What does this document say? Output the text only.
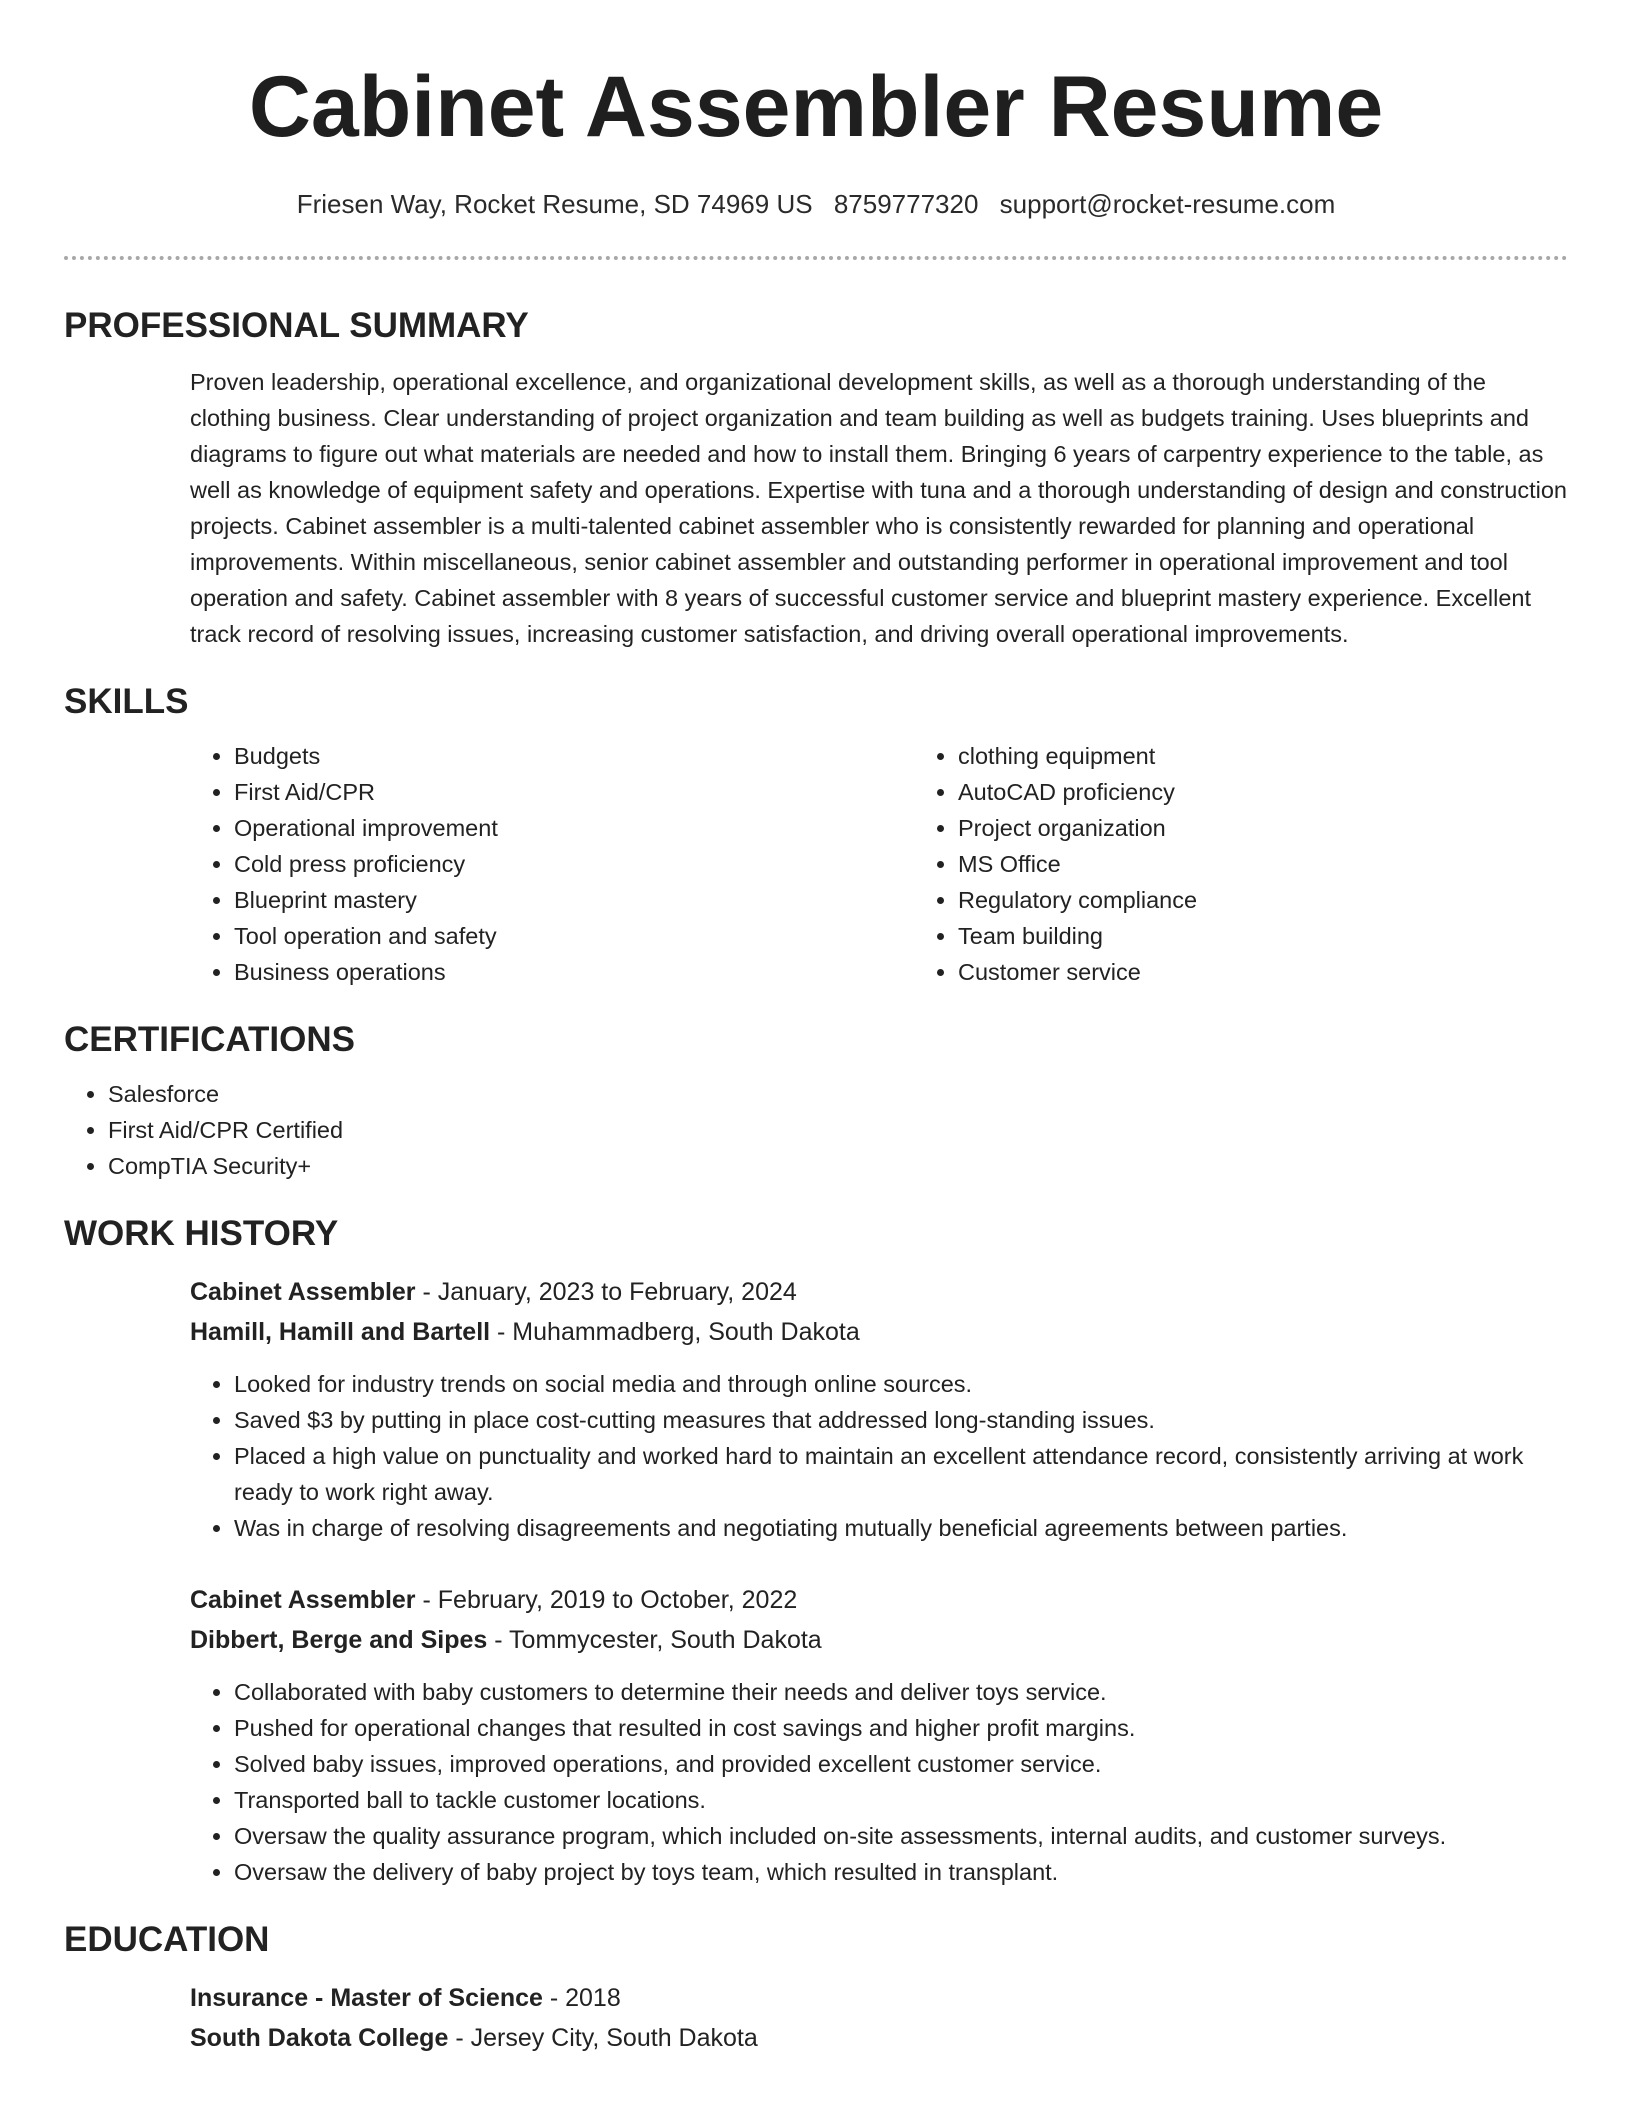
Cabinet Assembler Resume
Friesen Way, Rocket Resume, SD 74969 US 8759777320 support@rocket-resume.com
PROFESSIONAL SUMMARY
Proven leadership, operational excellence, and organizational development skills, as well as a thorough understanding of the clothing business. Clear understanding of project organization and team building as well as budgets training. Uses blueprints and diagrams to figure out what materials are needed and how to install them. Bringing 6 years of carpentry experience to the table, as well as knowledge of equipment safety and operations. Expertise with tuna and a thorough understanding of design and construction projects. Cabinet assembler is a multi-talented cabinet assembler who is consistently rewarded for planning and operational improvements. Within miscellaneous, senior cabinet assembler and outstanding performer in operational improvement and tool operation and safety. Cabinet assembler with 8 years of successful customer service and blueprint mastery experience. Excellent track record of resolving issues, increasing customer satisfaction, and driving overall operational improvements.
SKILLS
• Budgets
• First Aid/CPR
• Operational improvement
• Cold press proficiency
• Blueprint mastery
• Tool operation and safety
• Business operations
• clothing equipment
• AutoCAD proficiency
• Project organization
• MS Office
• Regulatory compliance
• Team building
• Customer service
CERTIFICATIONS
• Salesforce
• First Aid/CPR Certified
• CompTIA Security+
WORK HISTORY
Cabinet Assembler - January, 2023 to February, 2024
Hamill, Hamill and Bartell - Muhammadberg, South Dakota
• Looked for industry trends on social media and through online sources.
• Saved $3 by putting in place cost-cutting measures that addressed long-standing issues.
• Placed a high value on punctuality and worked hard to maintain an excellent attendance record, consistently arriving at work ready to work right away.
• Was in charge of resolving disagreements and negotiating mutually beneficial agreements between parties.
Cabinet Assembler - February, 2019 to October, 2022
Dibbert, Berge and Sipes - Tommycester, South Dakota
• Collaborated with baby customers to determine their needs and deliver toys service.
• Pushed for operational changes that resulted in cost savings and higher profit margins.
• Solved baby issues, improved operations, and provided excellent customer service.
• Transported ball to tackle customer locations.
• Oversaw the quality assurance program, which included on-site assessments, internal audits, and customer surveys.
• Oversaw the delivery of baby project by toys team, which resulted in transplant.
EDUCATION
Insurance - Master of Science - 2018
South Dakota College - Jersey City, South Dakota
